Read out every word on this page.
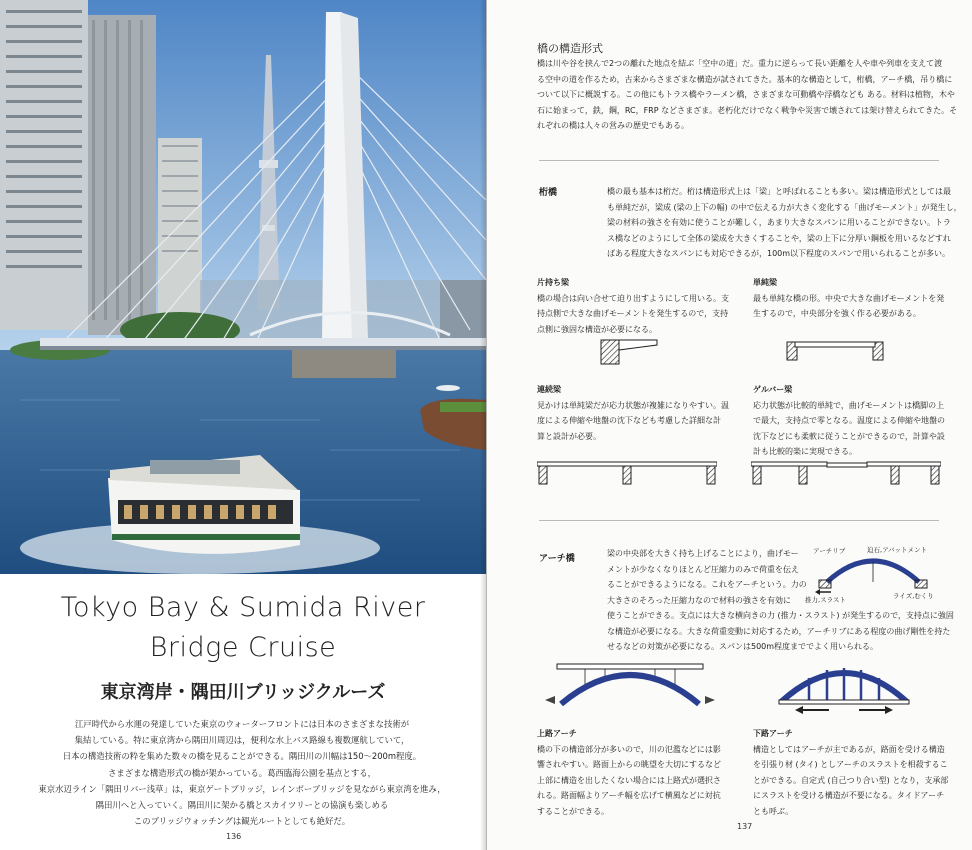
Tokyo Bay & Sumida River
Bridge Cruise
東京湾岸・隅田川ブリッジクルーズ
江戸時代から水運の発達していた東京のウォーターフロントには日本のさまざまな技術が
集結している。特に東京湾から隅田川周辺は，便利な水上バス路線も複数運航していて，
日本の構造技術の粋を集めた数々の橋を見ることができる。隅田川の川幅は150〜200m程度。
さまざまな構造形式の橋が架かっている。葛西臨海公園を基点とする，
東京水辺ライン「隅田リバー浅草」は，東京ゲートブリッジ，レインボーブリッジを見ながら東京湾を進み，
隅田川へと入っていく。隅田川に架かる橋とスカイツリーとの協演も楽しめる
このブリッジウォッチングは観光ルートとしても絶好だ。
136
橋の構造形式
橋は川や谷を挟んで2つの離れた地点を結ぶ「空中の道」だ。重力に逆らって長い距離を人や車や列車を支えて渡
る空中の道を作るため，古来からさまざまな構造が試されてきた。基本的な構造として，桁橋，アーチ橋，吊り橋に
ついて以下に概説する。この他にもトラス橋やラーメン橋，さまざまな可動橋や浮橋なども ある。材料は植物，木や
石に始まって，鉄，鋼，RC，FRP などさまざま。老朽化だけでなく戦争や災害で壊されては架け替えられてきた。そ
れぞれの橋は人々の営みの歴史でもある。
桁橋	橋の最も基本は桁だ。桁は構造形式上は「梁」と呼ばれることも多い。梁は構造形式としては最
も単純だが，梁成 (梁の上下の幅) の中で伝える力が大きく変化する「曲げモーメント」が発生し，
梁の材料の強さを有効に使うことが難しく，あまり大きなスパンに用いることができない。トラ
ス橋などのようにして全体の梁成を大きくすることや，梁の上下に分厚い鋼板を用いるなどすれ
ばある程度大きなスパンにも対応できるが，100m以下程度のスパンで用いられることが多い。
片持ち梁
橋の場合は向い合せて迫り出すようにして用いる。支
持点側で大きな曲げモーメントを発生するので，支持
点側に強固な構造が必要になる。
単純梁
最も単純な橋の形。中央で大きな曲げモーメントを発
生するので，中央部分を強く作る必要がある。
連続梁
見かけは単純梁だが応力状態が複雑になりやすい。温
度による伸縮や地盤の沈下なども考慮した詳細な計
算と設計が必要。
ゲルバー梁
応力状態が比較的単純で，曲げモーメントは橋脚の上
で最大，支持点で零となる。温度による伸縮や地盤の
沈下などにも柔軟に従うことができるので，計算や設
計も比較的楽に実現できる。
アーチ橋
梁の中央部を大きく持ち上げることにより，曲げモー
メントが少なくなりほとんど圧縮力のみで荷重を伝え
ることができるようになる。これをアーチという。力の
大きさのそろった圧縮力なので材料の強さを有効に
使うことができる。支点には大きな横向きの力 (推力・スラスト) が発生するので，支持点に強固
な構造が必要になる。大きな荷重変動に対応するため，アーチリブにある程度の曲げ剛性を持た
せるなどの対策が必要になる。スパンは500m程度まででよく用いられる。
アーチリブ	迫石,アバットメント
推力,スラスト	ライズ,むくり
上路アーチ
橋の下の構造部分が多いので，川の氾濫などには影
響されやすい。路面上からの眺望を大切にするなど
上部に構造を出したくない場合には上路式が選択さ
れる。路面幅よりアーチ幅を広げて横風などに対抗
することができる。
下路アーチ
構造としてはアーチが主であるが，路面を受ける構造
を引張り材 (タイ) としアーチのスラストを相殺するこ
とができる。自定式 (自己つり合い型) となり，支承部
にスラストを受ける構造が不要になる。タイドアーチ
とも呼ぶ。
137
